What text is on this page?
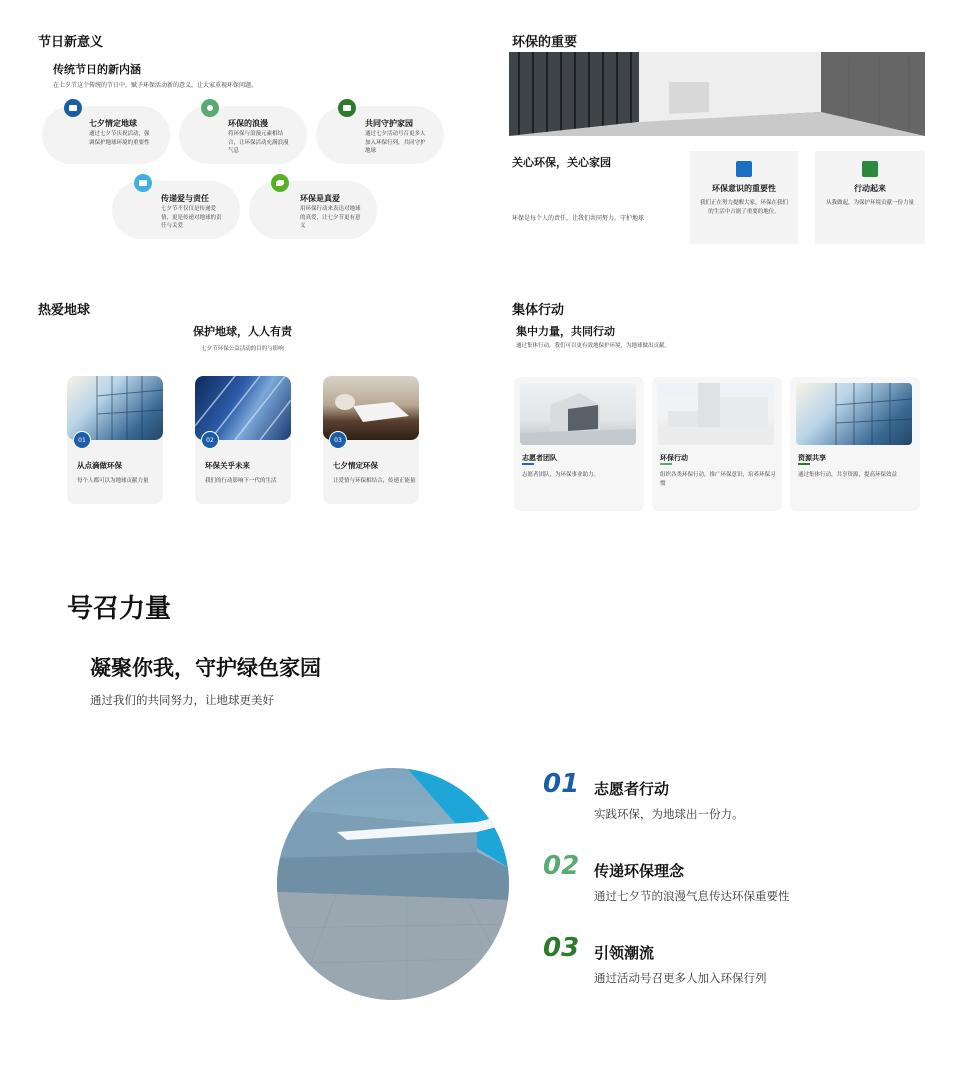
节日新意义
传统节日的新内涵
在七夕节这个传统的节日中，赋予环保活动新的意义，让大家重视环保问题。
七夕情定地球
通过七夕节庆祝活动，强调保护地球环境的重要性
环保的浪漫
将环保与浪漫元素相结合，让环保活动充满浪漫气息
共同守护家园
通过七夕活动号召更多人加入环保行列，共同守护地球
传递爱与责任
七夕节不仅仅是传递爱情，更是传递对地球的责任与关爱
环保是真爱
用环保行动来表达对地球的真爱，让七夕节更有意义
环保的重要
关心环保，关心家园
环保是每个人的责任，让我们共同努力，守护地球
环保意识的重要性
我们正在努力提醒大家，环保在我们的生活中占据了重要的地位。
行动起来
从我做起，为保护环境贡献一份力量
热爱地球
保护地球，人人有责
七夕节环保公益活动的目的与影响
01
从点滴做环保
每个人都可以为地球贡献力量
02
环保关乎未来
我们的行动影响下一代的生活
03
七夕情定环保
让爱情与环保相结合，传递正能量
集体行动
集中力量，共同行动
通过集体行动，我们可以更有效地保护环境，为地球做出贡献。
志愿者团队
志愿者团队，为环保事业助力。
环保行动
组织各类环保行动，推广环保意识，培养环保习惯
资源共享
通过集体行动，共享资源，提高环保效益
号召力量
凝聚你我，守护绿色家园
通过我们的共同努力，让地球更美好
01 志愿者行动
实践环保，为地球出一份力。
02 传递环保理念
通过七夕节的浪漫气息传达环保重要性
03 引领潮流
通过活动号召更多人加入环保行列
